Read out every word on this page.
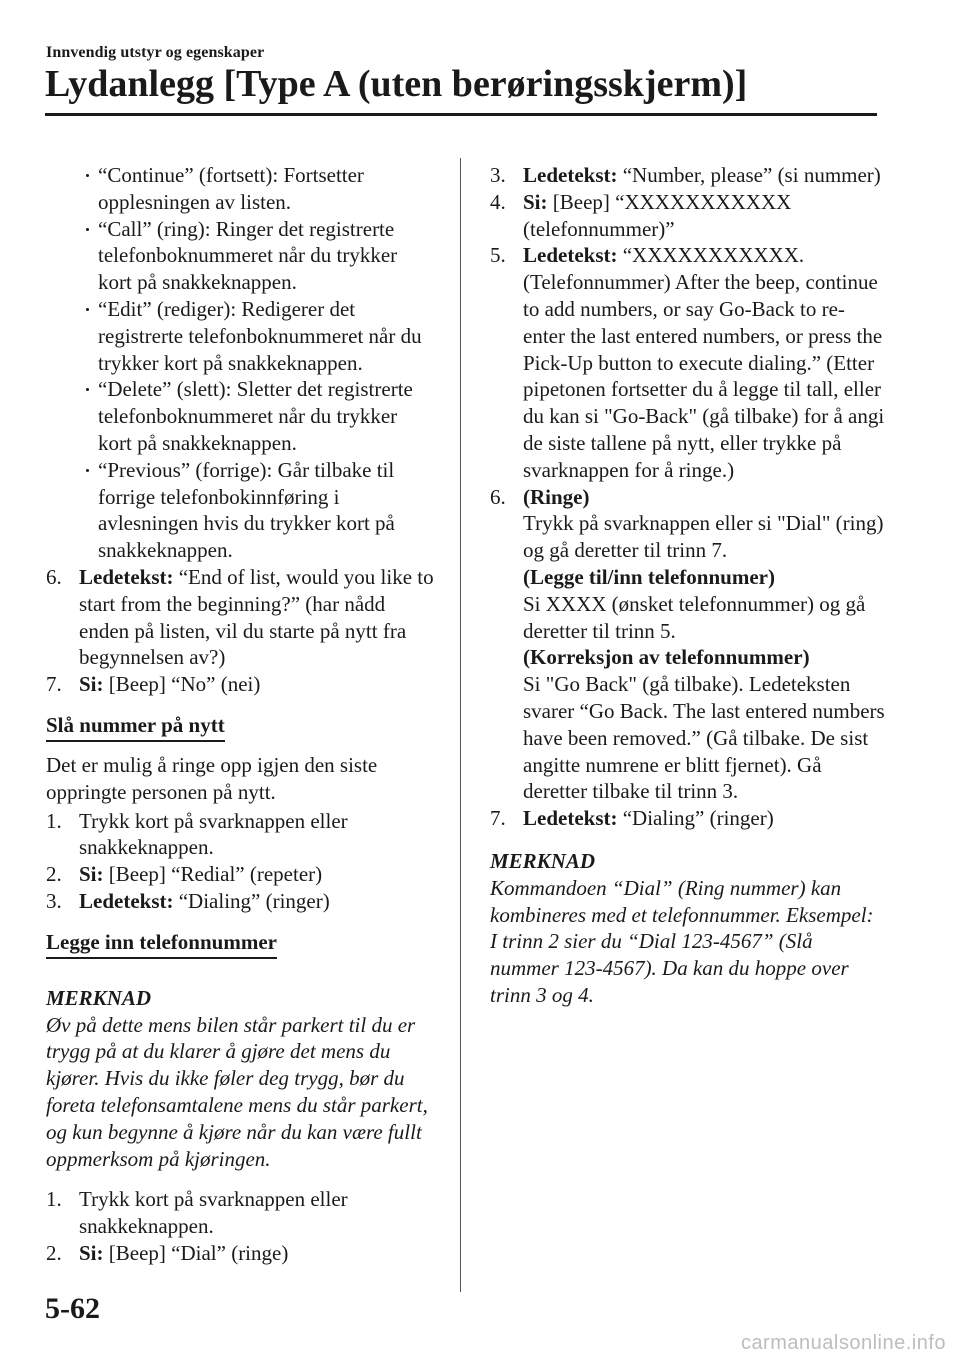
Innvendig utstyr og egenskaper
Lydanlegg [Type A (uten berøringsskjerm)]
“Continue” (fortsett): Fortsetter opplesningen av listen.
“Call” (ring): Ringer det registrerte telefonboknummeret når du trykker kort på snakkeknappen.
“Edit” (rediger): Redigerer det registrerte telefonboknummeret når du trykker kort på snakkeknappen.
“Delete” (slett): Sletter det registrerte telefonboknummeret når du trykker kort på snakkeknappen.
“Previous” (forrige): Går tilbake til forrige telefonbokinnføring i avlesningen hvis du trykker kort på snakkeknappen.
6. Ledetekst: “End of list, would you like to start from the beginning?” (har nådd enden på listen, vil du starte på nytt fra begynnelsen av?)
7. Si: [Beep] “No” (nei)
Slå nummer på nytt
Det er mulig å ringe opp igjen den siste oppringte personen på nytt.
1. Trykk kort på svarknappen eller snakkeknappen.
2. Si: [Beep] “Redial” (repeter)
3. Ledetekst: “Dialing” (ringer)
Legge inn telefonnummer
MERKNAD
Øv på dette mens bilen står parkert til du er trygg på at du klarer å gjøre det mens du kjører. Hvis du ikke føler deg trygg, bør du foreta telefonsamtalene mens du står parkert, og kun begynne å kjøre når du kan være fullt oppmerksom på kjøringen.
1. Trykk kort på svarknappen eller snakkeknappen.
2. Si: [Beep] “Dial” (ringe)
3. Ledetekst: “Number, please” (si nummer)
4. Si: [Beep] “XXXXXXXXXXX (telefonnummer)”
5. Ledetekst: “XXXXXXXXXXX. (Telefonnummer) After the beep, continue to add numbers, or say Go-Back to re-enter the last entered numbers, or press the Pick-Up button to execute dialing.” (Etter pipetonen fortsetter du å legge til tall, eller du kan si "Go-Back" (gå tilbake) for å angi de siste tallene på nytt, eller trykke på svarknappen for å ringe.)
6. (Ringe)
Trykk på svarknappen eller si "Dial" (ring) og gå deretter til trinn 7.
(Legge til/inn telefonnumer)
Si XXXX (ønsket telefonnummer) og gå deretter til trinn 5.
(Korreksjon av telefonnummer)
Si "Go Back" (gå tilbake). Ledeteksten svarer “Go Back. The last entered numbers have been removed.” (Gå tilbake. De sist angitte numrene er blitt fjernet). Gå deretter tilbake til trinn 3.
7. Ledetekst: “Dialing” (ringer)
MERKNAD
Kommandoen “Dial” (Ring nummer) kan kombineres med et telefonnummer. Eksempel: I trinn 2 sier du “Dial 123-4567” (Slå nummer 123-4567). Da kan du hoppe over trinn 3 og 4.
5-62
carmanualsonline.info
